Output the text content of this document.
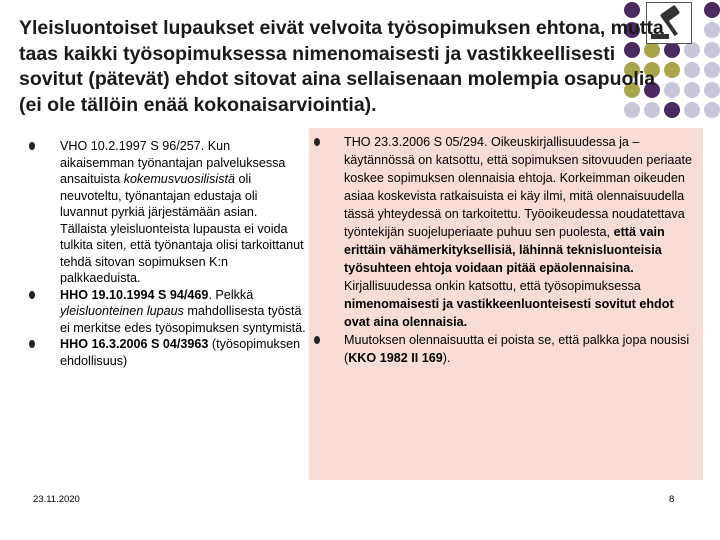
Yleisluontoiset lupaukset eivät velvoita työsopimuksen ehtona, mutta taas kaikki työsopimuksessa nimenomaisesti ja vastikkeellisesti sovitut (pätevät) ehdot sitovat aina sellaisenaan molempia osapuolia (ei ole tällöin enää kokonaisarviointia).
VHO 10.2.1997 S 96/257. Kun aikaisemman työnantajan palveluksessa ansaituista kokemusvuosilisistä oli neuvoteltu, työnantajan edustaja oli luvannut pyrkiä järjestämään asian. Tällaista yleisluonteista lupausta ei voida tulkita siten, että työnantaja olisi tarkoittanut tehdä sitovan sopimuksen K:n palkkaeduista.
HHO 19.10.1994 S 94/469. Pelkkä yleisluonteinen lupaus mahdollisesta työstä ei merkitse edes työsopimuksen syntymistä.
HHO 16.3.2006 S 04/3963 (työsopimuksen ehdollisuus)
THO 23.3.2006 S 05/294. Oikeuskirjallisuudessa ja –käytännössä on katsottu, että sopimuksen sitovuuden periaate koskee sopimuksen olennaisia ehtoja. Korkeimman oikeuden asiaa koskevista ratkaisuista ei käy ilmi, mitä olennaisuudella tässä yhteydessä on tarkoitettu. Työoikeudessa noudatettava työntekijän suojeluperiaate puhuu sen puolesta, että vain erittäin vähämerkityksellisiä, lähinnä teknisluonteisia työsuhteen ehtoja voidaan pitää epäolennaisina. Kirjallisuudessa onkin katsottu, että työsopimuksessa nimenomaisesti ja vastikkeenluonteisesti sovitut ehdot ovat aina olennaisia.
Muutoksen olennaisuutta ei poista se, että palkka jopa nousisi (KKO 1982 II 169).
23.11.2020	8
